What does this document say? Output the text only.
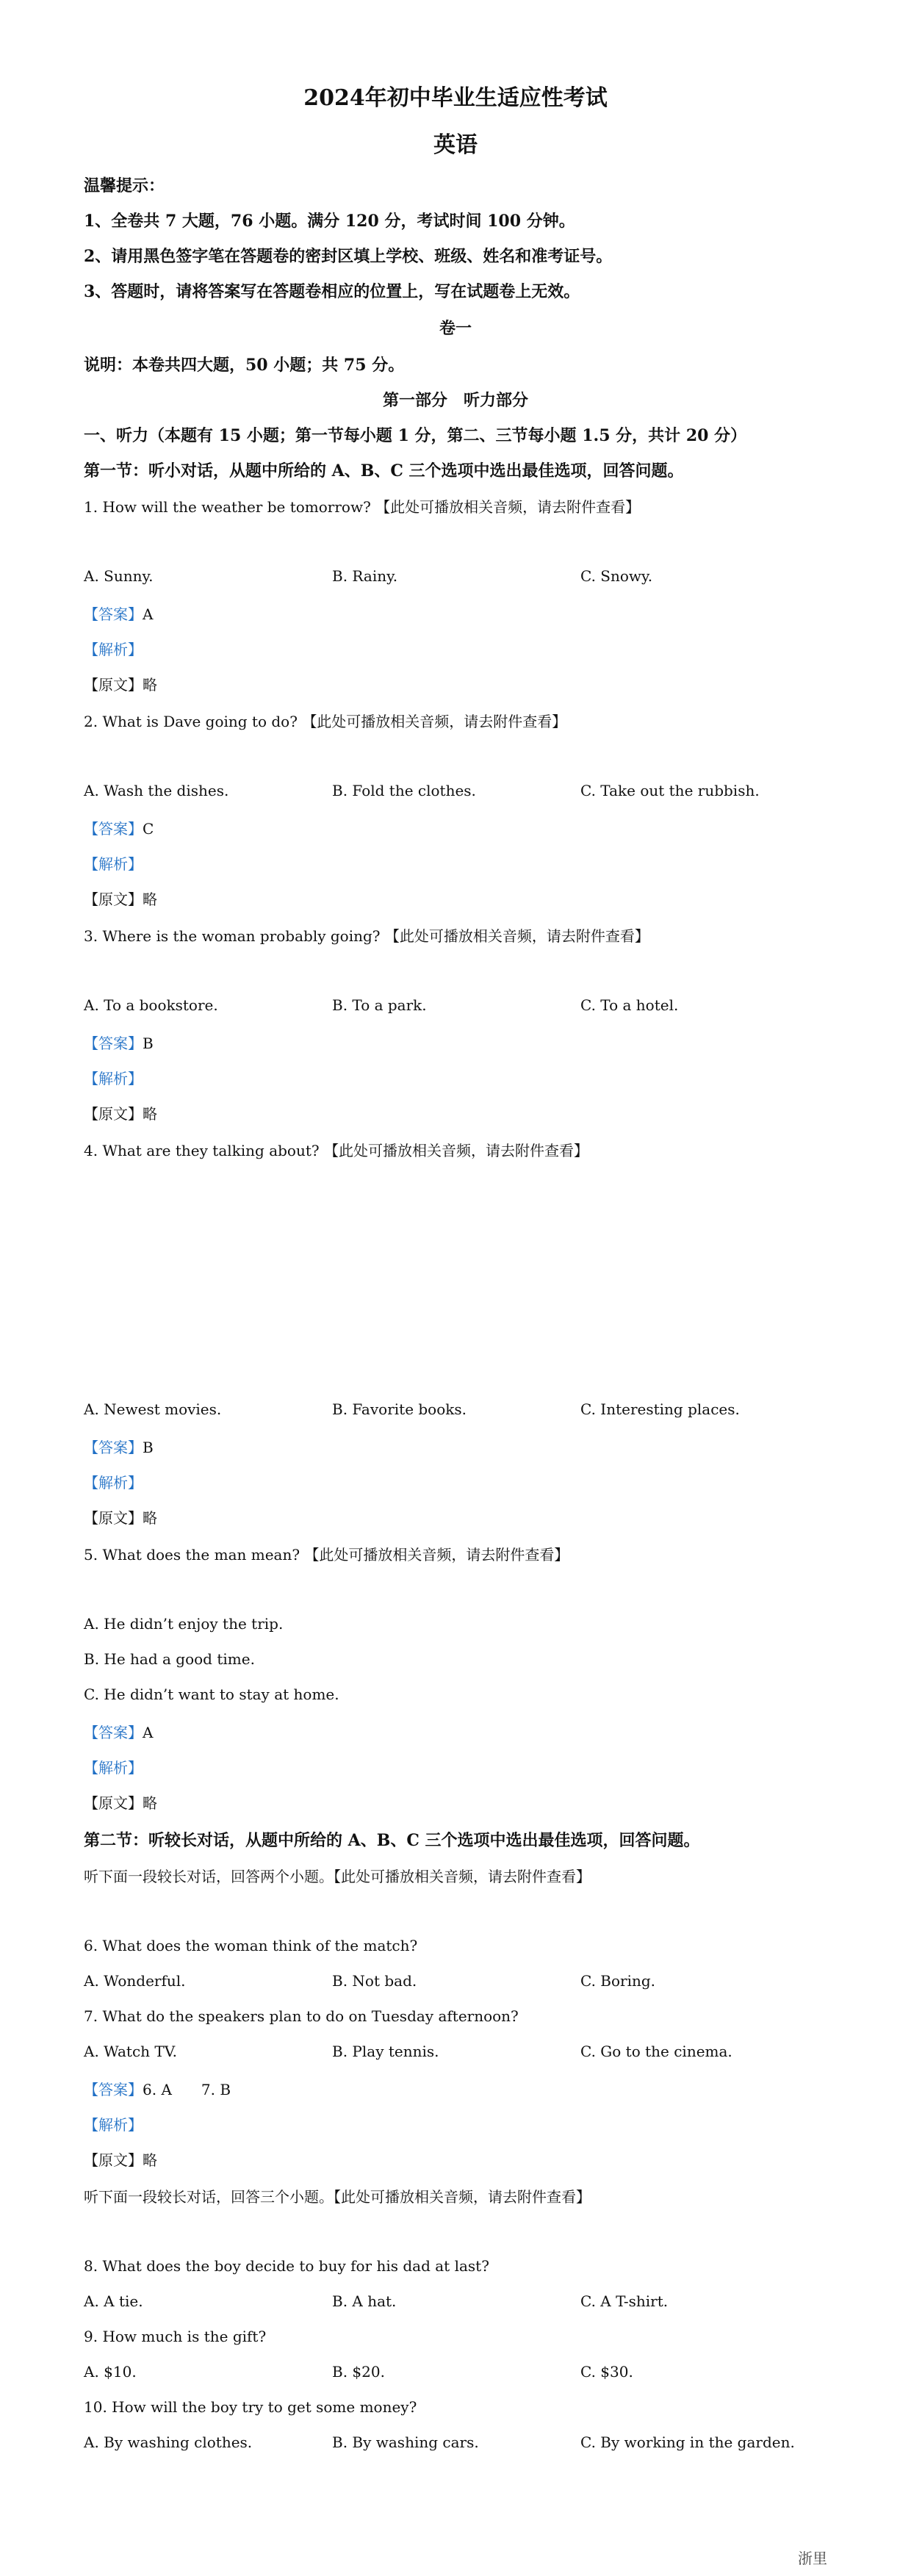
2024年初中毕业生适应性考试
英语
温馨提示：
1、全卷共 7 大题，76 小题。满分 120 分，考试时间 100 分钟。
2、请用黑色签字笔在答题卷的密封区填上学校、班级、姓名和准考证号。
3、答题时，请将答案写在答题卷相应的位置上，写在试题卷上无效。
卷一
说明：本卷共四大题，50 小题；共 75 分。
第一部分　听力部分
一、听力（本题有 15 小题；第一节每小题 1 分，第二、三节每小题 1.5 分，共计 20 分）
第一节：听小对话，从题中所给的 A、B、C 三个选项中选出最佳选项，回答问题。
1. How will the weather be tomorrow? 【此处可播放相关音频，请去附件查看】
A. Sunny.	B. Rainy.	C. Snowy.
【答案】A
【解析】
【原文】略
2. What is Dave going to do? 【此处可播放相关音频，请去附件查看】
A. Wash the dishes.	B. Fold the clothes.	C. Take out the rubbish.
【答案】C
【解析】
【原文】略
3. Where is the woman probably going? 【此处可播放相关音频，请去附件查看】
A. To a bookstore.	B. To a park.	C. To a hotel.
【答案】B
【解析】
【原文】略
4. What are they talking about? 【此处可播放相关音频，请去附件查看】
A. Newest movies.	B. Favorite books.	C. Interesting places.
【答案】B
【解析】
【原文】略
5. What does the man mean? 【此处可播放相关音频，请去附件查看】
A. He didn’t enjoy the trip.
B. He had a good time.
C. He didn’t want to stay at home.
【答案】A
【解析】
【原文】略
第二节：听较长对话，从题中所给的 A、B、C 三个选项中选出最佳选项，回答问题。
听下面一段较长对话，回答两个小题。【此处可播放相关音频，请去附件查看】
6. What does the woman think of the match?
A. Wonderful.	B. Not bad.	C. Boring.
7. What do the speakers plan to do on Tuesday afternoon?
A. Watch TV.	B. Play tennis.	C. Go to the cinema.
【答案】6. A　　7. B
【解析】
【原文】略
听下面一段较长对话，回答三个小题。【此处可播放相关音频，请去附件查看】
8. What does the boy decide to buy for his dad at last?
A. A tie.	B. A hat.	C. A T-shirt.
9. How much is the gift?
A. $10.	B. $20.	C. $30.
10. How will the boy try to get some money?
A. By washing clothes.	B. By washing cars.	C. By working in the garden.
浙里
